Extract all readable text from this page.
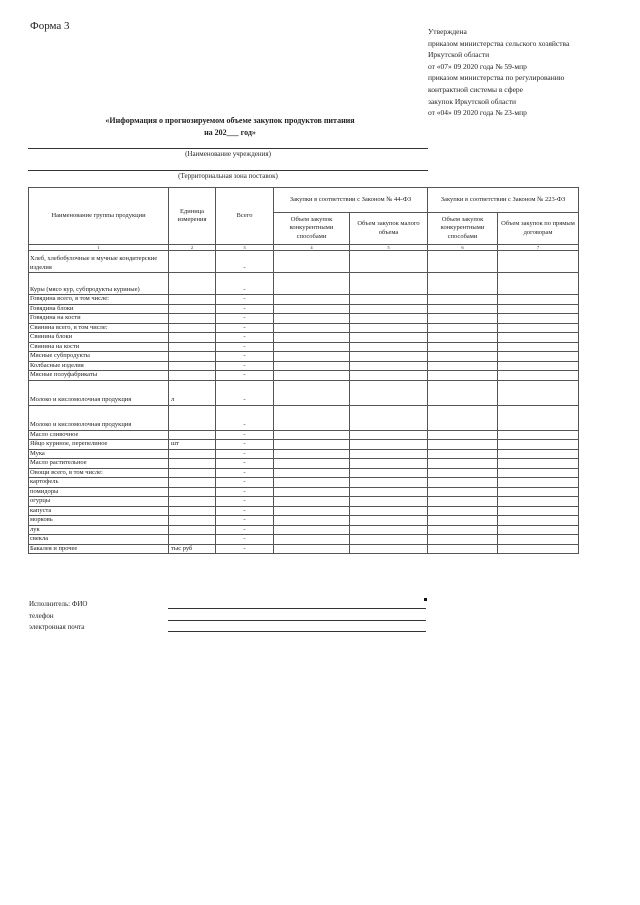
Форма 3	Утверждена
приказом министерства сельского хозяйства
Иркутской области
от «07» 09 2020 года № 59-мпр
приказом министерства по регулированию
контрактной системы в сфере
закупок Иркутской области
от «04» 09 2020 года № 23-мпр
«Информация о прогнозируемом объеме закупок продуктов питания
на 202___ год»
(Наименование учреждения)
(Территориальная зона поставок)
Наименование группы продукции	Единица измерения	Всего	Закупки в соответствии с Законом № 44-ФЗ		Закупки в соответствии с Законом № 223-ФЗ	
			Объем закупок конкурентными способами	Объем закупок малого объема	Объем закупок конкурентными способами	Объем закупок по прямым договорам
1	2	3	4	5	6	7
Хлеб, хлебобулочные и мучные кондитерские изделия		-				
Куры (мясо кур, субпродукты куриные)		-				
Говядина всего, в том числе:		-				
Говядина блоки		-				
Говядина на кости		-				
Свинина всего, в том числе:		-				
Свинина блоки		-				
Свинина на кости		-				
Мясные субпродукты		-				
Колбасные изделия		-				
Мясные полуфабрикаты		-				
Молоко и кисломолочная продукция	л	-				
Молоко и кисломолочная продукция		-				
Масло сливочное		-				
Яйцо куриное, перепелиное	шт	-				
Мука		-				
Масло растительное		-				
Овощи всего, в том числе:		-				
картофель		-				
помидоры		-				
огурцы		-				
капуста		-				
морковь		-				
лук		-				
свекла		-				
Бакалея и прочее	тыс руб	-				
Исполнитель: ФИО
телефон
электронная почта
